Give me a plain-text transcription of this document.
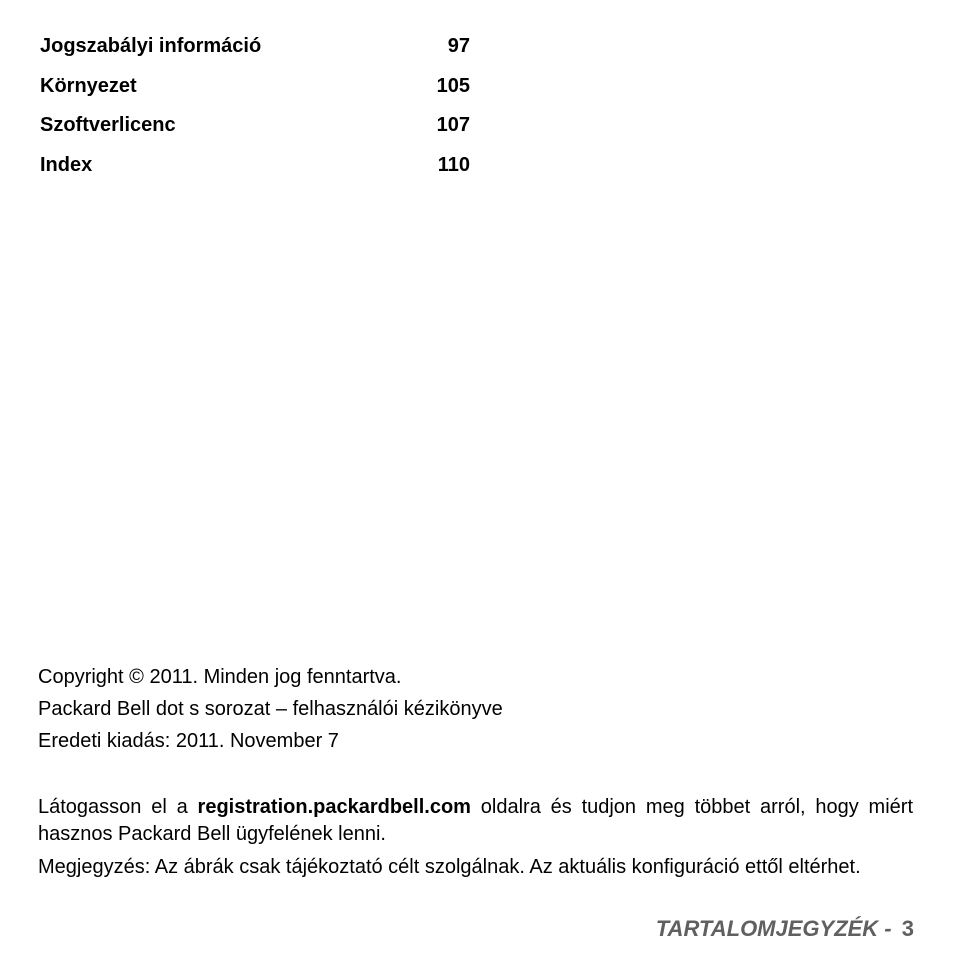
Jogszabályi információ	97
Környezet	105
Szoftverlicenc	107
Index	110

Copyright © 2011. Minden jog fenntartva.

Packard Bell dot s sorozat – felhasználói kézikönyve

Eredeti kiadás: 2011. November 7

Látogasson el a registration.packardbell.com oldalra és tudjon meg többet arról, hogy miért hasznos Packard Bell ügyfelének lenni.

Megjegyzés: Az ábrák csak tájékoztató célt szolgálnak. Az aktuális konfiguráció ettől eltérhet.

TARTALOMJEGYZÉK - 3
